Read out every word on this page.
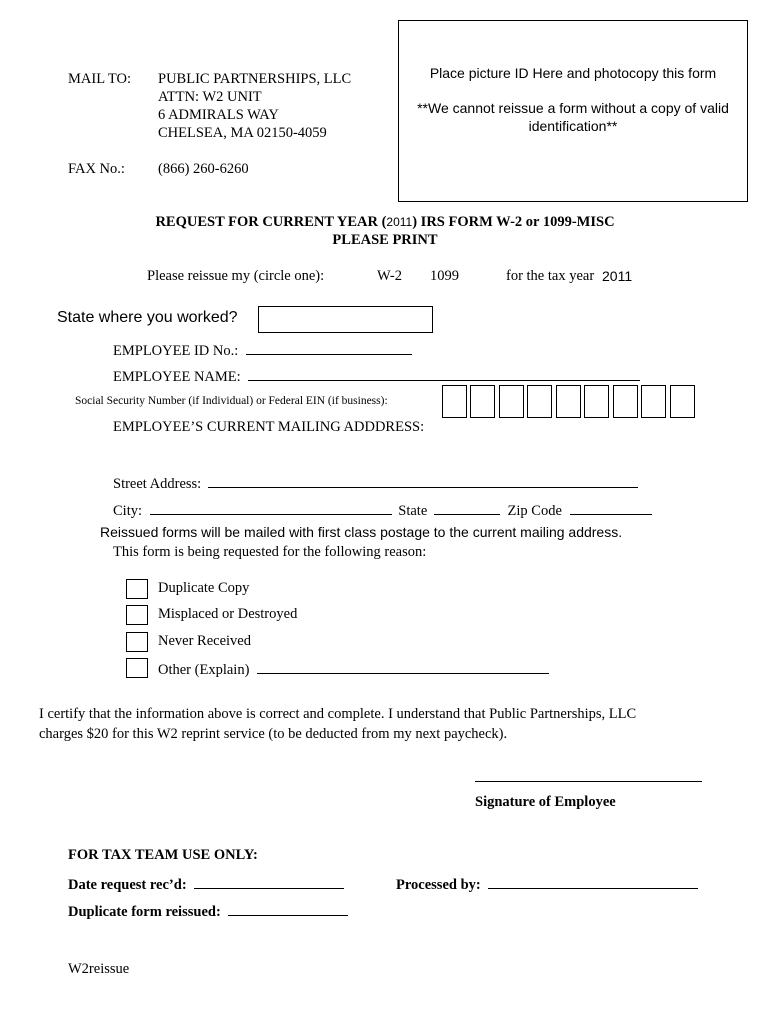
MAIL TO: PUBLIC PARTNERSHIPS, LLC
ATTN: W2 UNIT
6 ADMIRALS WAY
CHELSEA, MA 02150-4059
FAX No.: (866) 260-6260
Place picture ID Here and photocopy this form
**We cannot reissue a form without a copy of valid
identification**
REQUEST FOR CURRENT YEAR (2011) IRS FORM W-2 or 1099-MISC
PLEASE PRINT
Please reissue my (circle one):	W-2 1099	for the tax year 2011
State where you worked?
EMPLOYEE ID No.:
EMPLOYEE NAME:
Social Security Number (if Individual) or Federal EIN (if business):
EMPLOYEE’S CURRENT MAILING ADDDRESS:
Street Address:
City:	State	Zip Code
Reissued forms will be mailed with first class postage to the current mailing address.
This form is being requested for the following reason:
Duplicate Copy
Misplaced or Destroyed
Never Received
Other (Explain)
I certify that the information above is correct and complete. I understand that Public Partnerships, LLC
charges $20 for this W2 reprint service (to be deducted from my next paycheck).
Signature of Employee
FOR TAX TEAM USE ONLY:
Date request rec’d:	Processed by:
Duplicate form reissued:
W2reissue
